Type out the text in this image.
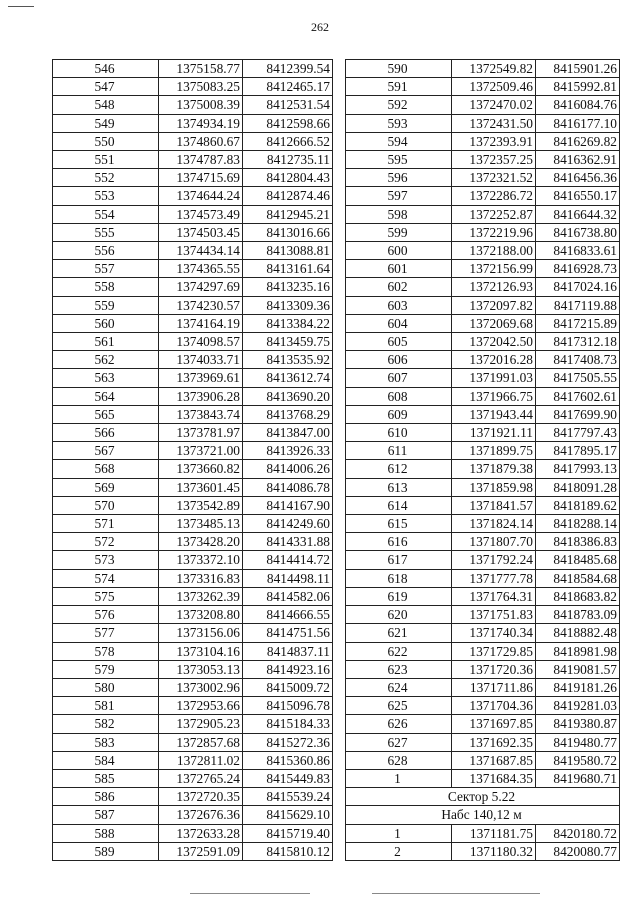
262
546	1375158.77	8412399.54
547	1375083.25	8412465.17
548	1375008.39	8412531.54
549	1374934.19	8412598.66
550	1374860.67	8412666.52
551	1374787.83	8412735.11
552	1374715.69	8412804.43
553	1374644.24	8412874.46
554	1374573.49	8412945.21
555	1374503.45	8413016.66
556	1374434.14	8413088.81
557	1374365.55	8413161.64
558	1374297.69	8413235.16
559	1374230.57	8413309.36
560	1374164.19	8413384.22
561	1374098.57	8413459.75
562	1374033.71	8413535.92
563	1373969.61	8413612.74
564	1373906.28	8413690.20
565	1373843.74	8413768.29
566	1373781.97	8413847.00
567	1373721.00	8413926.33
568	1373660.82	8414006.26
569	1373601.45	8414086.78
570	1373542.89	8414167.90
571	1373485.13	8414249.60
572	1373428.20	8414331.88
573	1373372.10	8414414.72
574	1373316.83	8414498.11
575	1373262.39	8414582.06
576	1373208.80	8414666.55
577	1373156.06	8414751.56
578	1373104.16	8414837.11
579	1373053.13	8414923.16
580	1373002.96	8415009.72
581	1372953.66	8415096.78
582	1372905.23	8415184.33
583	1372857.68	8415272.36
584	1372811.02	8415360.86
585	1372765.24	8415449.83
586	1372720.35	8415539.24
587	1372676.36	8415629.10
588	1372633.28	8415719.40
589	1372591.09	8415810.12
590	1372549.82	8415901.26
591	1372509.46	8415992.81
592	1372470.02	8416084.76
593	1372431.50	8416177.10
594	1372393.91	8416269.82
595	1372357.25	8416362.91
596	1372321.52	8416456.36
597	1372286.72	8416550.17
598	1372252.87	8416644.32
599	1372219.96	8416738.80
600	1372188.00	8416833.61
601	1372156.99	8416928.73
602	1372126.93	8417024.16
603	1372097.82	8417119.88
604	1372069.68	8417215.89
605	1372042.50	8417312.18
606	1372016.28	8417408.73
607	1371991.03	8417505.55
608	1371966.75	8417602.61
609	1371943.44	8417699.90
610	1371921.11	8417797.43
611	1371899.75	8417895.17
612	1371879.38	8417993.13
613	1371859.98	8418091.28
614	1371841.57	8418189.62
615	1371824.14	8418288.14
616	1371807.70	8418386.83
617	1371792.24	8418485.68
618	1371777.78	8418584.68
619	1371764.31	8418683.82
620	1371751.83	8418783.09
621	1371740.34	8418882.48
622	1371729.85	8418981.98
623	1371720.36	8419081.57
624	1371711.86	8419181.26
625	1371704.36	8419281.03
626	1371697.85	8419380.87
627	1371692.35	8419480.77
628	1371687.85	8419580.72
1	1371684.35	8419680.71
Сектор 5.22		
Набс 140,12 м		
1	1371181.75	8420180.72
2	1371180.32	8420080.77
